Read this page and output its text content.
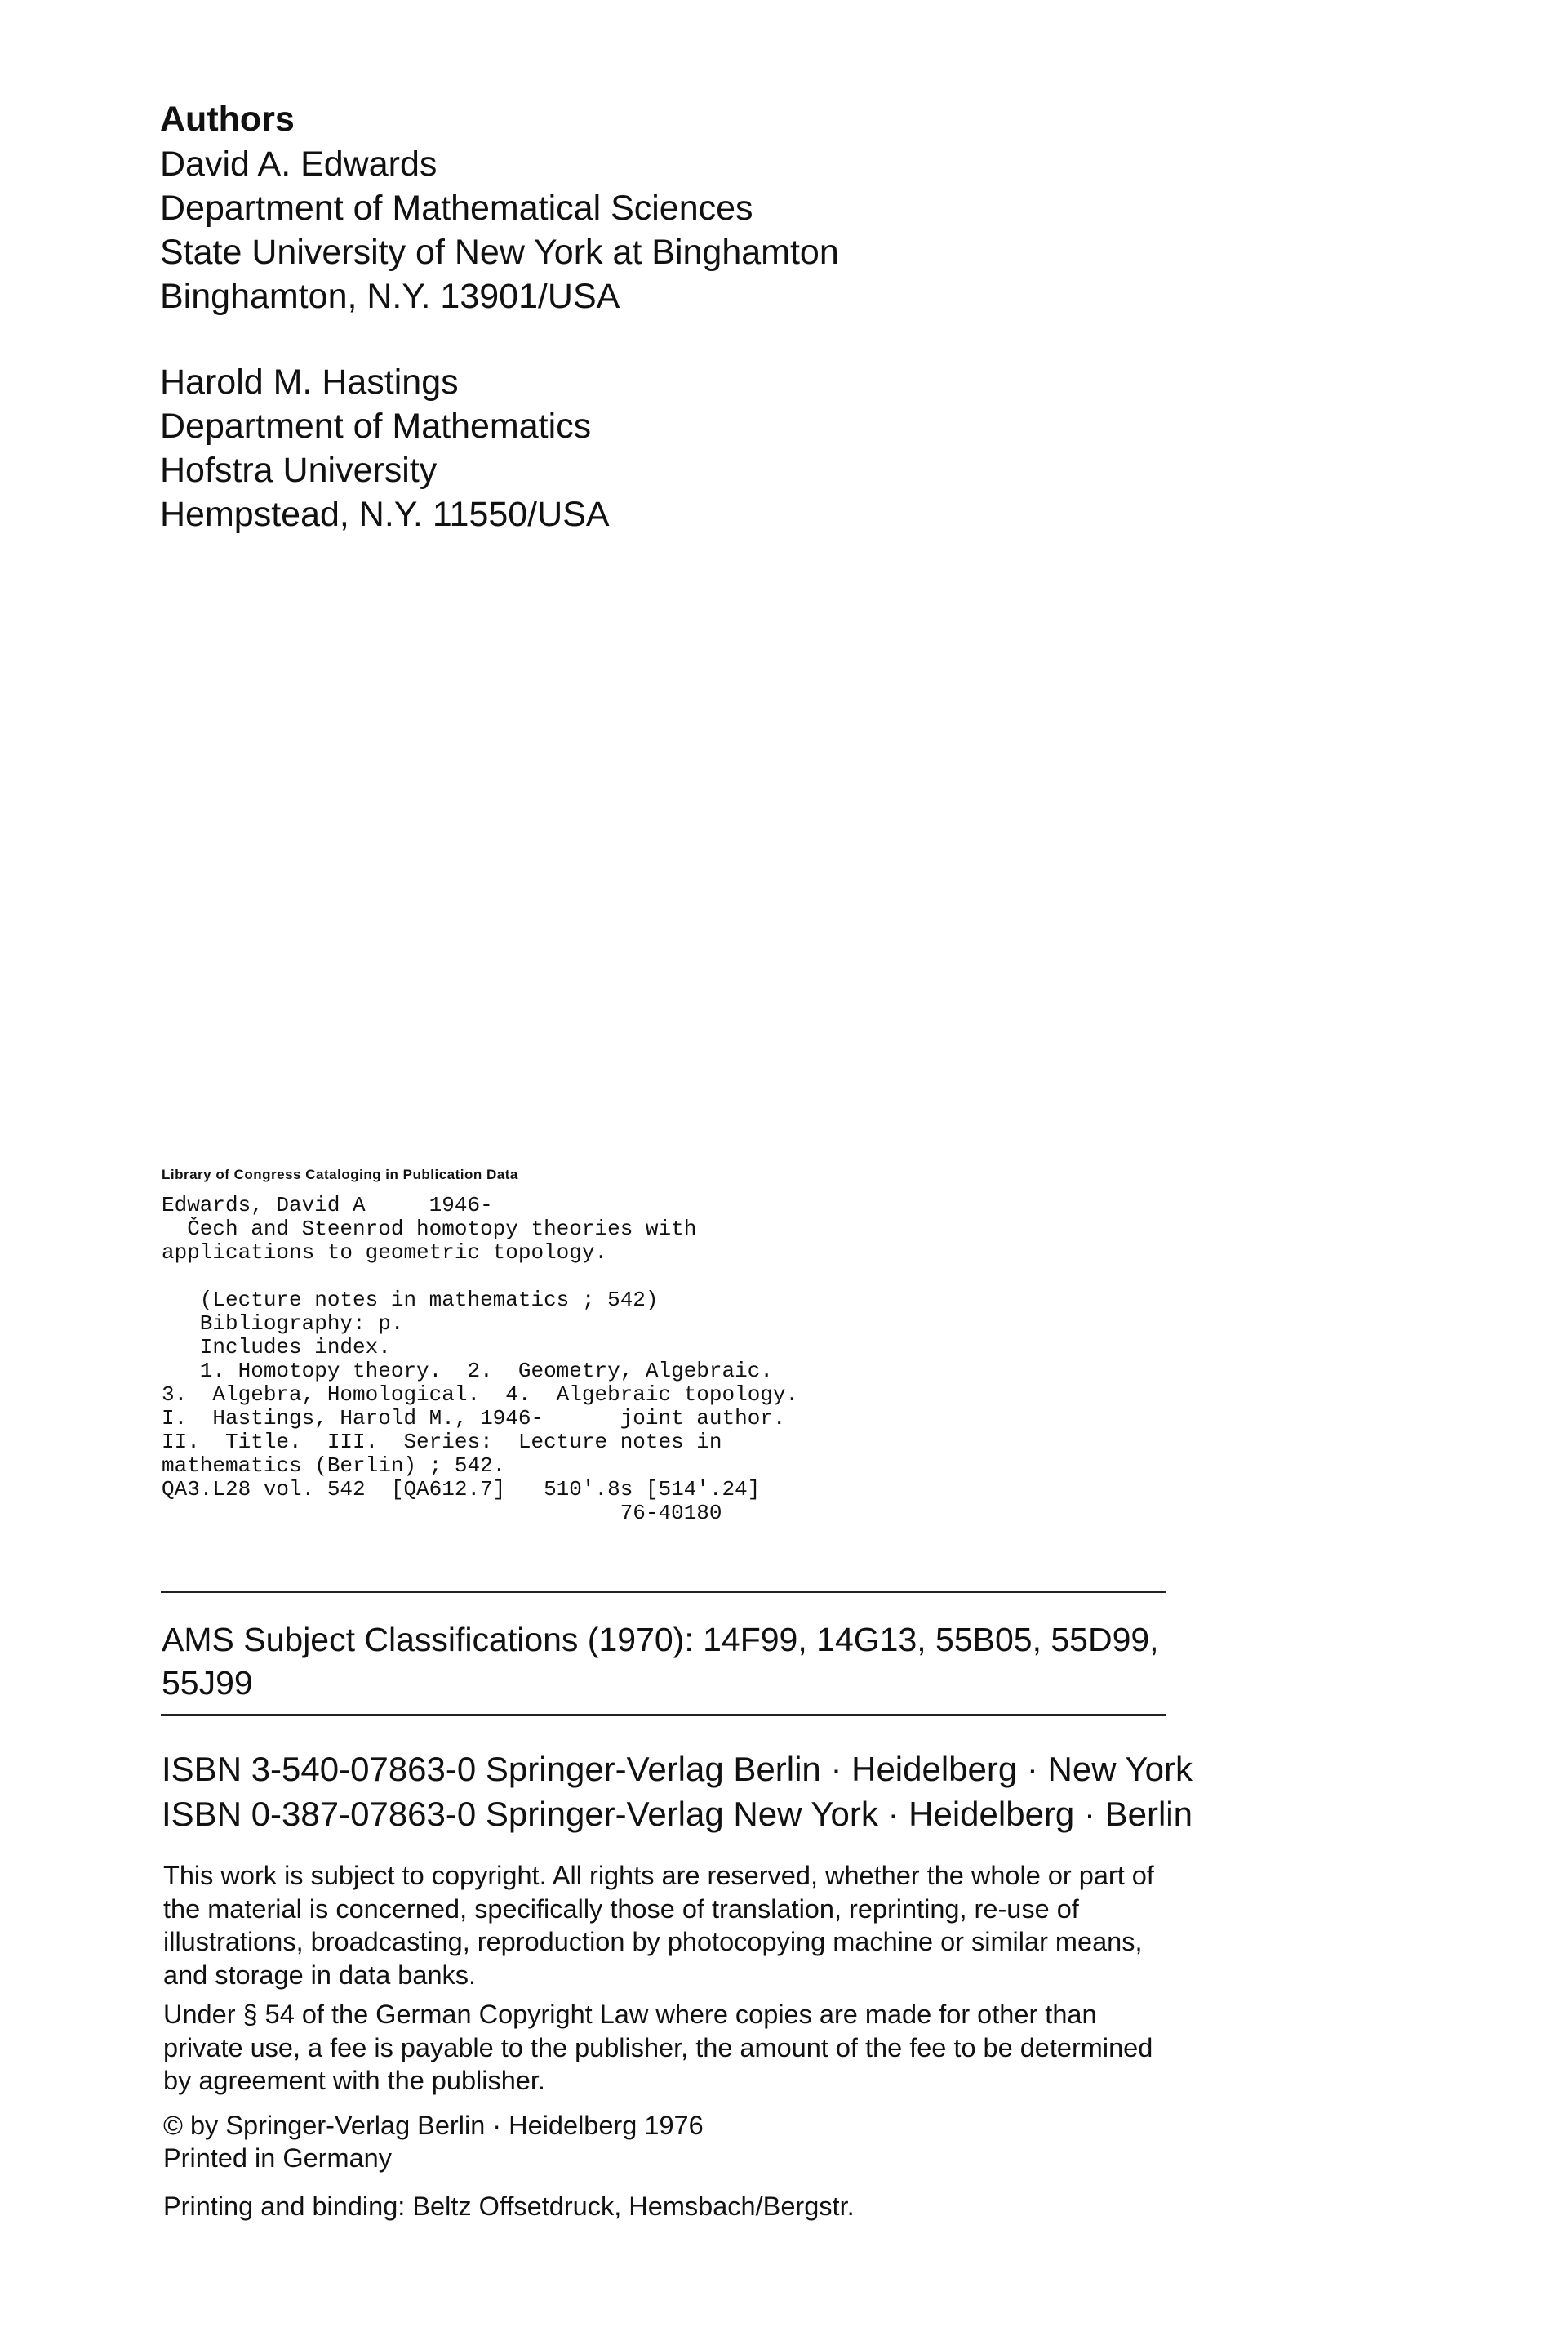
Authors
David A. Edwards
Department of Mathematical Sciences
State University of New York at Binghamton
Binghamton, N.Y. 13901/USA
Harold M. Hastings
Department of Mathematics
Hofstra University
Hempstead, N.Y. 11550/USA
Library of Congress Cataloging in Publication Data
Edwards, David A     1946-
Čech and Steenrod homotopy theories with
applications to geometric topology.
(Lecture notes in mathematics ; 542)
Bibliography: p.
Includes index.
1. Homotopy theory.  2.  Geometry, Algebraic.
3.  Algebra, Homological.  4.  Algebraic topology.
I.  Hastings, Harold M., 1946-      joint author.
II.  Title.  III.  Series:  Lecture notes in
mathematics (Berlin) ; 542.
QA3.L28 vol. 542  [QA612.7]   510'.8s [514'.24]
76-40180
AMS Subject Classifications (1970): 14F99, 14G13, 55B05, 55D99, 55J99
ISBN 3-540-07863-0 Springer-Verlag Berlin · Heidelberg · New York
ISBN 0-387-07863-0 Springer-Verlag New York · Heidelberg · Berlin

This work is subject to copyright. All rights are reserved, whether the whole or part of the material is concerned, specifically those of translation, reprinting, re-use of illustrations, broadcasting, reproduction by photocopying machine or similar means, and storage in data banks.

Under § 54 of the German Copyright Law where copies are made for other than private use, a fee is payable to the publisher, the amount of the fee to be determined by agreement with the publisher.

© by Springer-Verlag Berlin · Heidelberg 1976

Printed in Germany

Printing and binding: Beltz Offsetdruck, Hemsbach/Bergstr.
